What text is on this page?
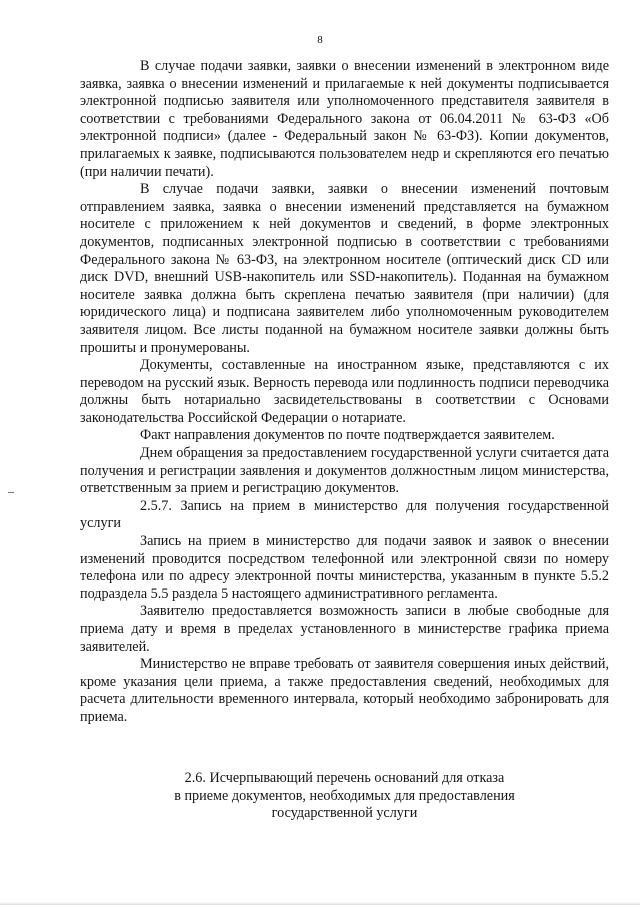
8

В случае подачи заявки, заявки о внесении изменений в электронном виде заявка, заявка о внесении изменений и прилагаемые к ней документы подписывается электронной подписью заявителя или уполномоченного представителя заявителя в соответствии с требованиями Федерального закона от 06.04.2011 № 63-ФЗ «Об электронной подписи» (далее - Федеральный закон № 63-ФЗ). Копии документов, прилагаемых к заявке, подписываются пользователем недр и скрепляются его печатью (при наличии печати).

В случае подачи заявки, заявки о внесении изменений почтовым отправлением заявка, заявка о внесении изменений представляется на бумажном носителе с приложением к ней документов и сведений, в форме электронных документов, подписанных электронной подписью в соответствии с требованиями Федерального закона № 63-ФЗ, на электронном носителе (оптический диск CD или диск DVD, внешний USB-накопитель или SSD-накопитель). Поданная на бумажном носителе заявка должна быть скреплена печатью заявителя (при наличии) (для юридического лица) и подписана заявителем либо уполномоченным руководителем заявителя лицом. Все листы поданной на бумажном носителе заявки должны быть прошиты и пронумерованы.

Документы, составленные на иностранном языке, представляются с их переводом на русский язык. Верность перевода или подлинность подписи переводчика должны быть нотариально засвидетельствованы в соответствии с Основами законодательства Российской Федерации о нотариате.

Факт направления документов по почте подтверждается заявителем.

Днем обращения за предоставлением государственной услуги считается дата получения и регистрации заявления и документов должностным лицом министерства, ответственным за прием и регистрацию документов.

2.5.7. Запись на прием в министерство для получения государственной услуги

Запись на прием в министерство для подачи заявок и заявок о внесении изменений проводится посредством телефонной или электронной связи по номеру телефона или по адресу электронной почты министерства, указанным в пункте 5.5.2 подраздела 5.5 раздела 5 настоящего административного регламента.

Заявителю предоставляется возможность записи в любые свободные для приема дату и время в пределах установленного в министерстве графика приема заявителей.

Министерство не вправе требовать от заявителя совершения иных действий, кроме указания цели приема, а также предоставления сведений, необходимых для расчета длительности временного интервала, который необходимо забронировать для приема.

2.6. Исчерпывающий перечень оснований для отказа
в приеме документов, необходимых для предоставления
государственной услуги
